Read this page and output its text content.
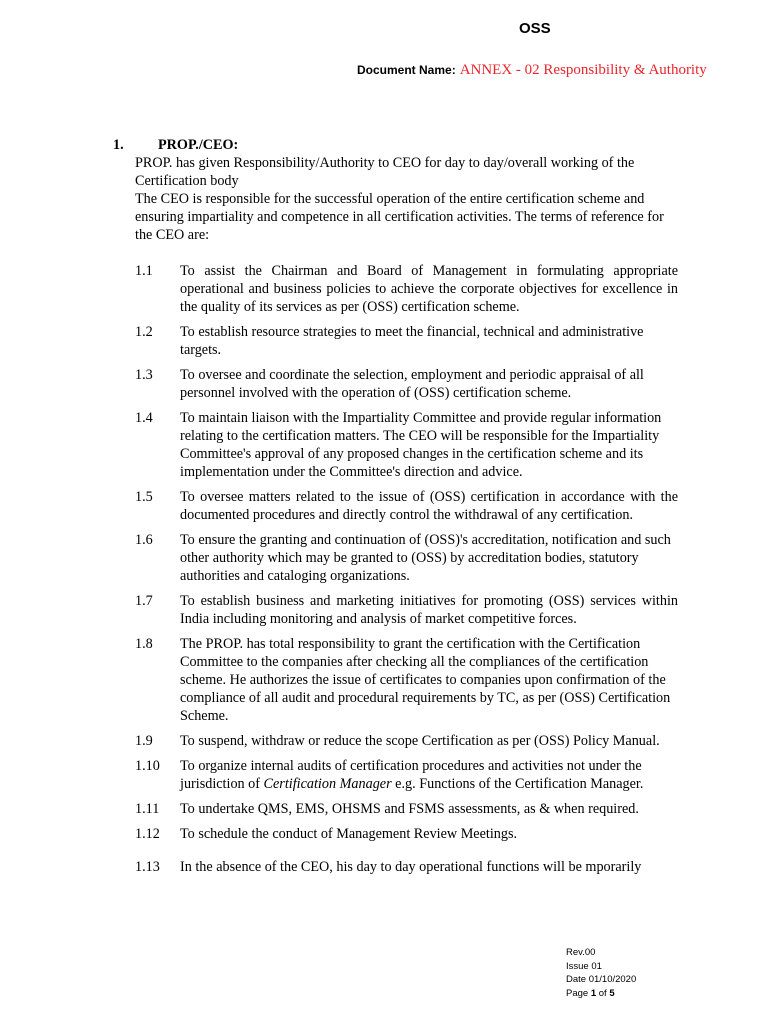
OSS
Document Name: ANNEX - 02 Responsibility & Authority
1.	PROP./CEO:
PROP. has given Responsibility/Authority to CEO for day to day/overall working of the Certification body
The CEO is responsible for the successful operation of the entire certification scheme and ensuring impartiality and competence in all certification activities. The terms of reference for the CEO are:
1.1	To assist the Chairman and Board of Management in formulating appropriate operational and business policies to achieve the corporate objectives for excellence in the quality of its services as per (OSS) certification scheme.
1.2	To establish resource strategies to meet the financial, technical and administrative targets.
1.3	To oversee and coordinate the selection, employment and periodic appraisal of all personnel involved with the operation of (OSS) certification scheme.
1.4	To maintain liaison with the Impartiality Committee and provide regular information relating to the certification matters. The CEO will be responsible for the Impartiality Committee's approval of any proposed changes in the certification scheme and its implementation under the Committee's direction and advice.
1.5	To oversee matters related to the issue of (OSS) certification in accordance with the documented procedures and directly control the withdrawal of any certification.
1.6	To ensure the granting and continuation of (OSS)'s accreditation, notification and such other authority which may be granted to (OSS) by accreditation bodies, statutory authorities and cataloging organizations.
1.7	To establish business and marketing initiatives for promoting (OSS) services within India including monitoring and analysis of market competitive forces.
1.8	The PROP. has total responsibility to grant the certification with the Certification Committee to the companies after checking all the compliances of the certification scheme. He authorizes the issue of certificates to companies upon confirmation of the compliance of all audit and procedural requirements by TC, as per (OSS) Certification Scheme.
1.9	To suspend, withdraw or reduce the scope Certification as per (OSS) Policy Manual.
1.10	To organize internal audits of certification procedures and activities not under the jurisdiction of Certification Manager e.g. Functions of the Certification Manager.
1.11	To undertake QMS, EMS, OHSMS and FSMS assessments, as & when required.
1.12	To schedule the conduct of Management Review Meetings.
1.13	In the absence of the CEO, his day to day operational functions will be mporarily
Rev.00
Issue 01
Date 01/10/2020
Page 1 of 5
